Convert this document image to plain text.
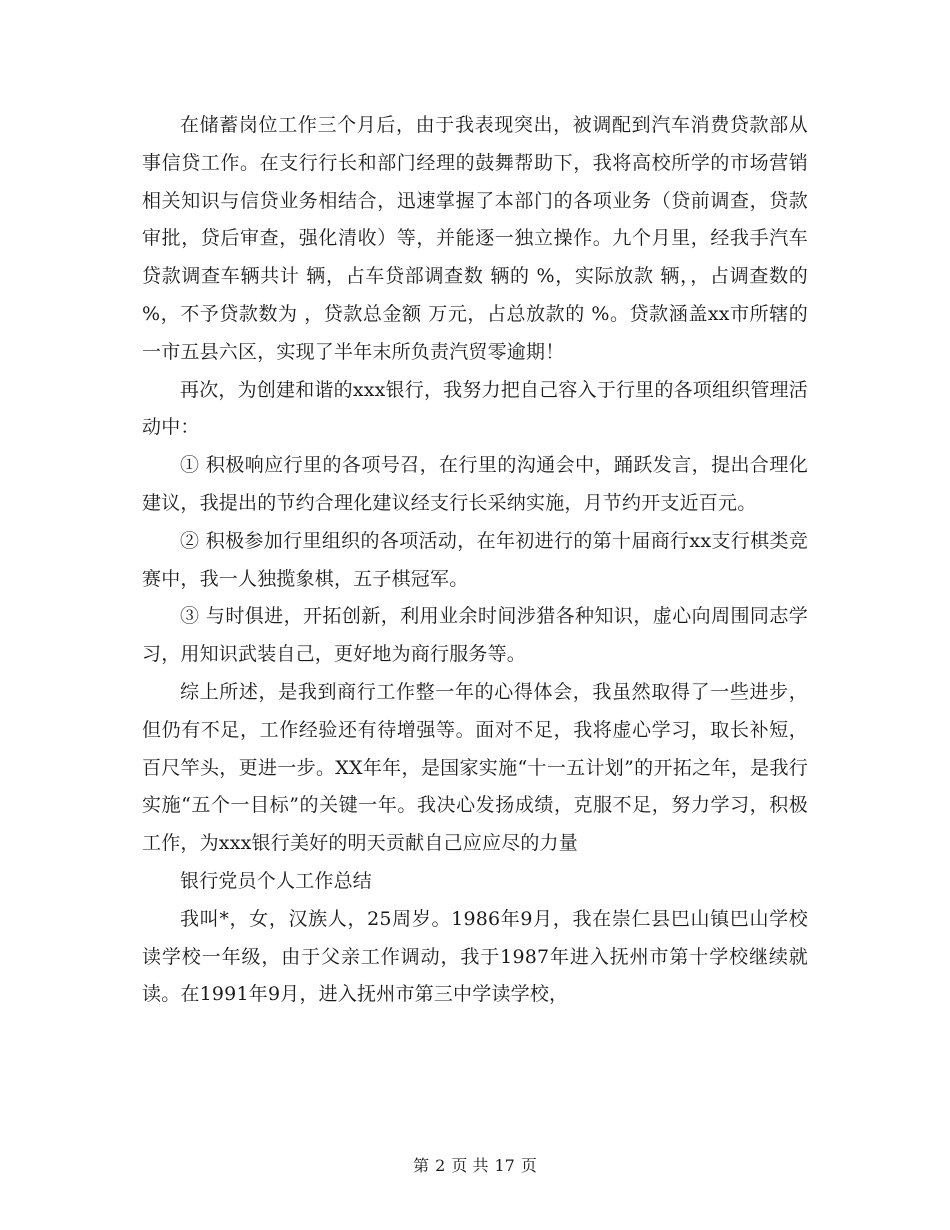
在储蓄岗位工作三个月后，由于我表现突出，被调配到汽车消费贷款部从事信贷工作。在支行行长和部门经理的鼓舞帮助下，我将高校所学的市场营销相关知识与信贷业务相结合，迅速掌握了本部门的各项业务（贷前调查，贷款审批，贷后审查，强化清收）等，并能逐一独立操作。九个月里，经我手汽车贷款调查车辆共计 辆，占车贷部调查数 辆的 %，实际放款 辆，，占调查数的 %，不予贷款数为 ，贷款总金额 万元，占总放款的 %。贷款涵盖xx市所辖的一市五县六区，实现了半年末所负责汽贸零逾期！

再次，为创建和谐的xxx银行，我努力把自己容入于行里的各项组织管理活动中：

① 积极响应行里的各项号召，在行里的沟通会中，踊跃发言，提出合理化建议，我提出的节约合理化建议经支行长采纳实施，月节约开支近百元。

② 积极参加行里组织的各项活动，在年初进行的第十届商行xx支行棋类竞赛中，我一人独揽象棋，五子棋冠军。

③ 与时俱进，开拓创新，利用业余时间涉猎各种知识，虚心向周围同志学习，用知识武装自己，更好地为商行服务等。

综上所述，是我到商行工作整一年的心得体会，我虽然取得了一些进步，但仍有不足，工作经验还有待增强等。面对不足，我将虚心学习，取长补短，百尺竿头，更进一步。XX年年，是国家实施“十一五计划”的开拓之年，是我行实施“五个一目标”的关键一年。我决心发扬成绩，克服不足，努力学习，积极工作，为xxx银行美好的明天贡献自己应应尽的力量

银行党员个人工作总结

我叫*，女，汉族人，25周岁。1986年9月，我在崇仁县巴山镇巴山学校读学校一年级，由于父亲工作调动，我于1987年进入抚州市第十学校继续就读。在1991年9月，进入抚州市第三中学读学校，

第 2 页 共 17 页
